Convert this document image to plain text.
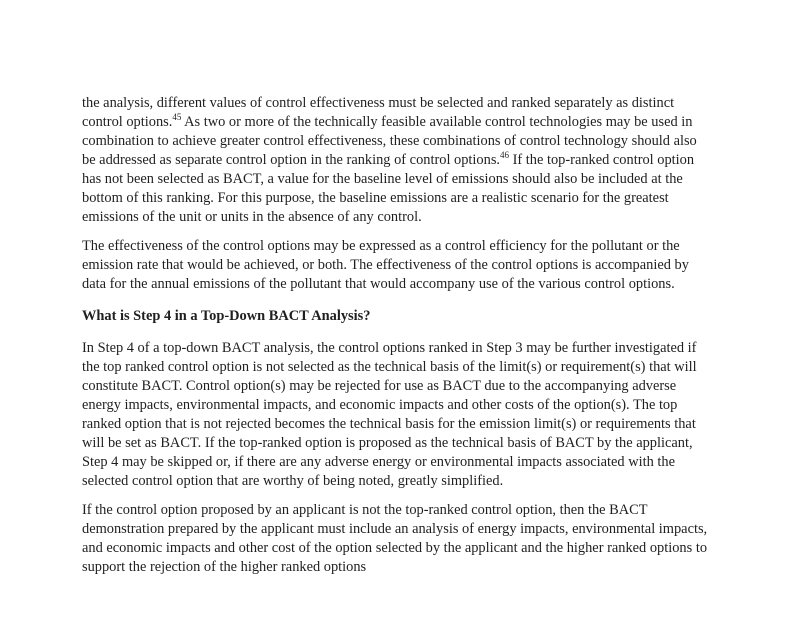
the analysis, different values of control effectiveness must be selected and ranked separately as distinct control options.$^{45}$ As two or more of the technically feasible available control technologies may be used in combination to achieve greater control effectiveness, these combinations of control technology should also be addressed as separate control option in the ranking of control options.$^{46}$ If the top-ranked control option has not been selected as BACT, a value for the baseline level of emissions should also be included at the bottom of this ranking. For this purpose, the baseline emissions are a realistic scenario for the greatest emissions of the unit or units in the absence of any control.

The effectiveness of the control options may be expressed as a control efficiency for the pollutant or the emission rate that would be achieved, or both. The effectiveness of the control options is accompanied by data for the annual emissions of the pollutant that would accompany use of the various control options.

What is Step 4 in a Top-Down BACT Analysis?

In Step 4 of a top-down BACT analysis, the control options ranked in Step 3 may be further investigated if the top ranked control option is not selected as the technical basis of the limit(s) or requirement(s) that will constitute BACT. Control option(s) may be rejected for use as BACT due to the accompanying adverse energy impacts, environmental impacts, and economic impacts and other costs of the option(s). The top ranked option that is not rejected becomes the technical basis for the emission limit(s) or requirements that will be set as BACT. If the top-ranked option is proposed as the technical basis of BACT by the applicant, Step 4 may be skipped or, if there are any adverse energy or environmental impacts associated with the selected control option that are worthy of being noted, greatly simplified.

If the control option proposed by an applicant is not the top-ranked control option, then the BACT demonstration prepared by the applicant must include an analysis of energy impacts, environmental impacts, and economic impacts and other cost of the option selected by the applicant and the higher ranked options to support the rejection of the higher ranked options
